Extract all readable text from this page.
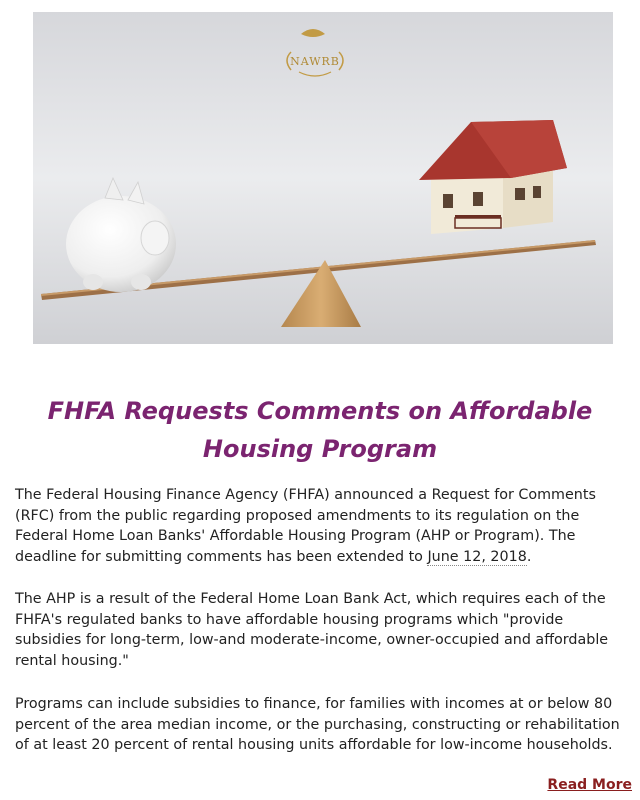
NAWRB
FHFA Requests Comments on Affordable Housing Program

The Federal Housing Finance Agency (FHFA) announced a Request for Comments (RFC) from the public regarding proposed amendments to its regulation on the Federal Home Loan Banks' Affordable Housing Program (AHP or Program). The deadline for submitting comments has been extended to June 12, 2018.

The AHP is a result of the Federal Home Loan Bank Act, which requires each of the FHFA's regulated banks to have affordable housing programs which "provide subsidies for long-term, low-and moderate-income, owner-occupied and affordable rental housing."

Programs can include subsidies to finance, for families with incomes at or below 80 percent of the area median income, or the purchasing, constructing or rehabilitation of at least 20 percent of rental housing units affordable for low-income households.

Read More
